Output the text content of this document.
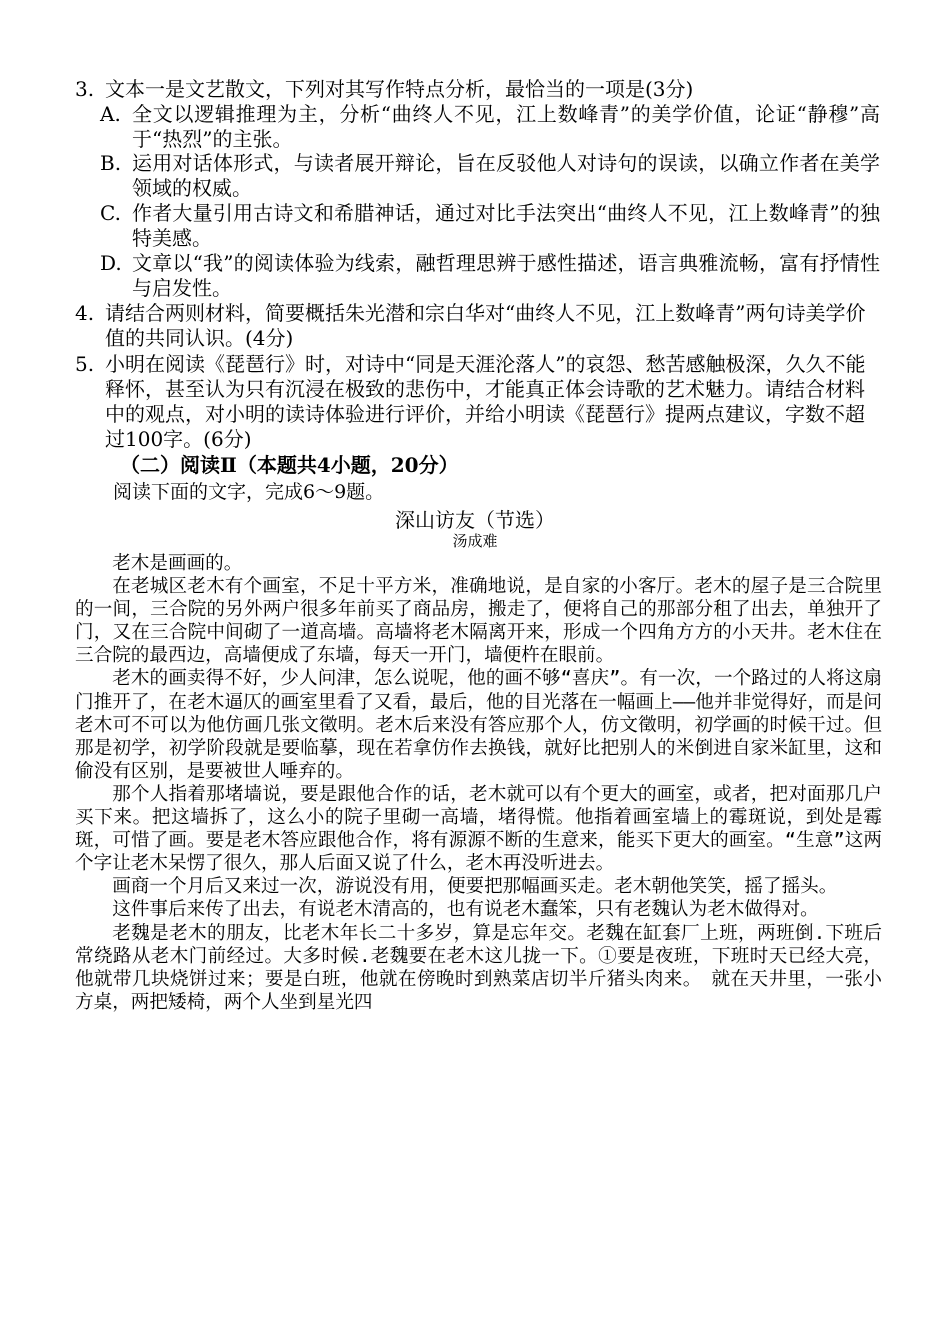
3. 文本一是文艺散文，下列对其写作特点分析，最恰当的一项是(3分)
A. 全文以逻辑推理为主，分析“曲终人不见，江上数峰青”的美学价值，论证“静穆”高于“热烈”的主张。
B. 运用对话体形式，与读者展开辩论，旨在反驳他人对诗句的误读，以确立作者在美学领域的权威。
C. 作者大量引用古诗文和希腊神话，通过对比手法突出“曲终人不见，江上数峰青”的独特美感。
D. 文章以“我”的阅读体验为线索，融哲理思辨于感性描述，语言典雅流畅，富有抒情性与启发性。
4. 请结合两则材料，简要概括朱光潜和宗白华对“曲终人不见，江上数峰青”两句诗美学价值的共同认识。(4分)
5. 小明在阅读《琵琶行》时，对诗中“同是天涯沦落人”的哀怨、愁苦感触极深，久久不能释怀，甚至认为只有沉浸在极致的悲伤中，才能真正体会诗歌的艺术魅力。请结合材料中的观点，对小明的读诗体验进行评价，并给小明读《琵琶行》提两点建议，字数不超过100字。(6分)
（二）阅读Ⅱ（本题共4小题，20分）
阅读下面的文字，完成6～9题。
深山访友（节选）
汤成难

老木是画画的。

在老城区老木有个画室，不足十平方米，准确地说，是自家的小客厅。老木的屋子是三合院里的一间，三合院的另外两户很多年前买了商品房，搬走了，便将自己的那部分租了出去，单独开了门，又在三合院中间砌了一道高墙。高墙将老木隔离开来，形成一个四角方方的小天井。老木住在三合院的最西边，高墙便成了东墙，每天一开门，墙便杵在眼前。

老木的画卖得不好，少人问津，怎么说呢，他的画不够“喜庆”。有一次，一个路过的人将这扇门推开了，在老木逼仄的画室里看了又看，最后，他的目光落在一幅画上——他并非觉得好，而是问老木可不可以为他仿画几张文徵明。老木后来没有答应那个人，仿文徵明，初学画的时候干过。但那是初学，初学阶段就是要临摹，现在若拿仿作去换钱，就好比把别人的米倒进自家米缸里，这和偷没有区别，是要被世人唾弃的。

那个人指着那堵墙说，要是跟他合作的话，老木就可以有个更大的画室，或者，把对面那几户买下来。把这墙拆了，这么小的院子里砌一高墙，堵得慌。他指着画室墙上的霉斑说，到处是霉斑，可惜了画。要是老木答应跟他合作，将有源源不断的生意来，能买下更大的画室。“生意”这两个字让老木呆愣了很久，那人后面又说了什么，老木再没听进去。

画商一个月后又来过一次，游说没有用，便要把那幅画买走。老木朝他笑笑，摇了摇头。

这件事后来传了出去，有说老木清高的，也有说老木蠢笨，只有老魏认为老木做得对。

老魏是老木的朋友，比老木年长二十多岁，算是忘年交。老魏在缸套厂上班，两班倒.下班后常绕路从老木门前经过。大多时候.老魏要在老木这儿拢一下。①要是夜班，下班时天已经大亮，他就带几块烧饼过来；要是白班，他就在傍晚时到熟菜店切半斤猪头肉来。　就在天井里，一张小方桌，两把矮椅，两个人坐到星光四
